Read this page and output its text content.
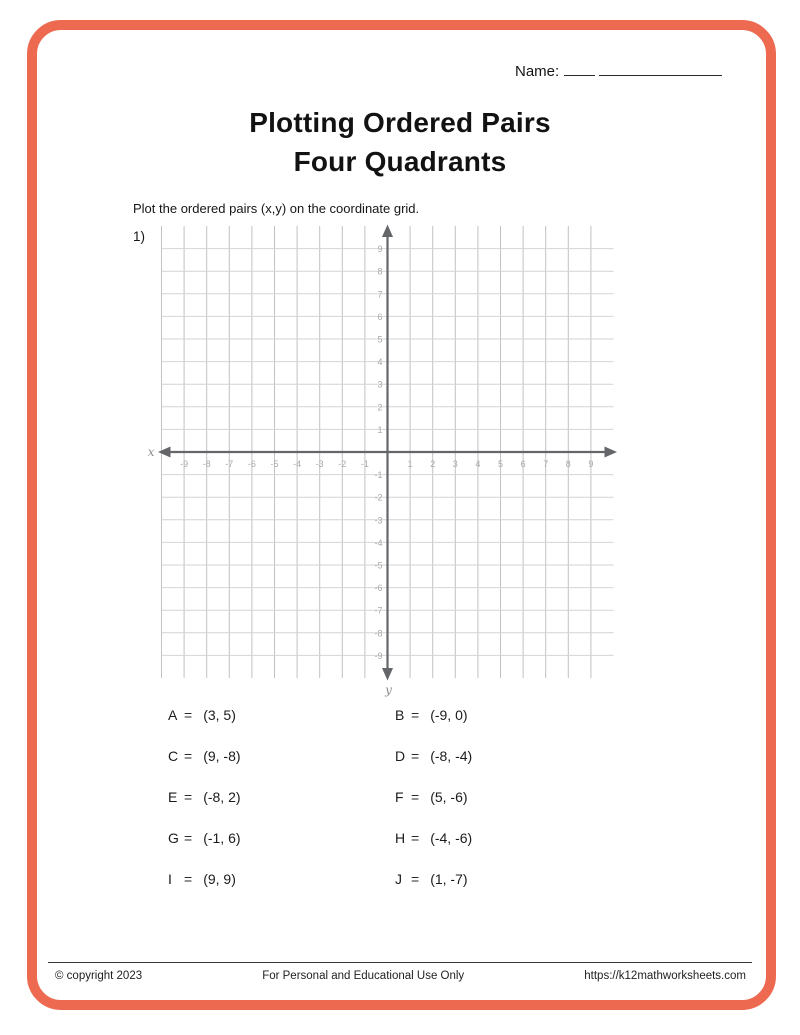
Name:
Plotting Ordered Pairs
Four Quadrants
Plot the ordered pairs (x,y) on the coordinate grid.
1)
-9 -8 -7 -6 -5 -4 -3 -2 -1	1 2 3 4 5 6 7 8 9
9
8
7
6
5
4
3
2
1
-1
-2
-3
-4
-5
-6
-7
-8
-9
x
y
A = (3, 5)	B = (-9, 0)
C = (9, -8)	D = (-8, -4)
E = (-8, 2)	F = (5, -6)
G = (-1, 6)	H = (-4, -6)
I = (9, 9)	J = (1, -7)
© copyright 2023	For Personal and Educational Use Only	https://k12mathworksheets.com
